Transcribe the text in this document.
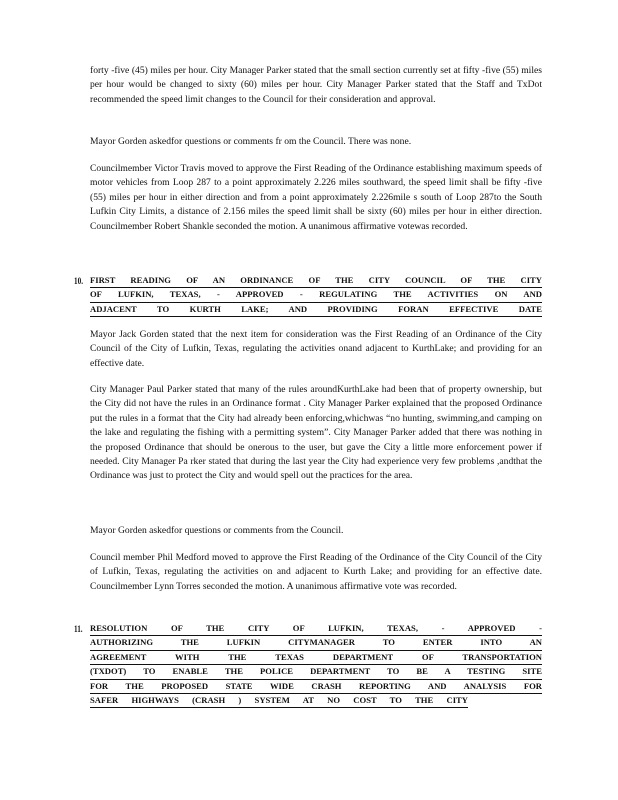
forty -five (45) miles per hour. City Manager Parker stated that the small section currently set at fifty -five (55) miles per hour would be changed to sixty (60) miles per hour. City Manager Parker stated that the Staff and TxDot recommended the speed limit changes to the Council for their consideration and approval.

Mayor Gorden askedfor questions or comments fr om the Council. There was none.

Councilmember Victor Travis moved to approve the First Reading of the Ordinance establishing maximum speeds of motor vehicles from Loop 287 to a point approximately 2.226 miles southward, the speed limit shall be fifty -five (55) miles per hour in either direction and from a point approximately 2.226mile s south of Loop 287to the South Lufkin City Limits, a distance of 2.156 miles the speed limit shall be sixty (60) miles per hour in either direction. Councilmember Robert Shankle seconded the motion. A unanimous affirmative votewas recorded.

10. FIRST READING OF AN ORDINANCE OF THE CITY COUNCIL OF THE CITY
OF LUFKIN, TEXAS, - APPROVED - REGULATING THE ACTIVITIES ON AND
ADJACENT TO KURTH LAKE; AND PROVIDING FORAN EFFECTIVE DATE

Mayor Jack Gorden stated that the next item for consideration was the First Reading of an Ordinance of the City Council of the City of Lufkin, Texas, regulating the activities onand adjacent to KurthLake; and providing for an effective date.

City Manager Paul Parker stated that many of the rules aroundKurthLake had been that of property ownership, but the City did not have the rules in an Ordinance format . City Manager Parker explained that the proposed Ordinance put the rules in a format that the City had already been enforcing,whichwas “no hunting, swimming,and camping on the lake and regulating the fishing with a permitting system”. City Manager Parker added that there was nothing in the proposed Ordinance that should be onerous to the user, but gave the City a little more enforcement power if needed. City Manager Pa rker stated that during the last year the City had experience very few problems ,andthat the Ordinance was just to protect the City and would spell out the practices for the area.

Mayor Gorden askedfor questions or comments from the Council.

Council member Phil Medford moved to approve the First Reading of the Ordinance of the City Council of the City of Lufkin, Texas, regulating the activities on and adjacent to Kurth Lake; and providing for an effective date. Councilmember Lynn Torres seconded the motion. A unanimous affirmative vote was recorded.

11. RESOLUTION OF THE CITY OF LUFKIN, TEXAS, - APPROVED -
AUTHORIZING THE LUFKIN CITYMANAGER TO ENTER INTO AN
AGREEMENT WITH THE TEXAS DEPARTMENT OF TRANSPORTATION
(TXDOT) TO ENABLE THE POLICE DEPARTMENT TO BE A TESTING SITE
FOR THE PROPOSED STATE WIDE CRASH REPORTING AND ANALYSIS FOR
SAFER HIGHWAYS (CRASH ) SYSTEM AT NO COST TO THE CITY
